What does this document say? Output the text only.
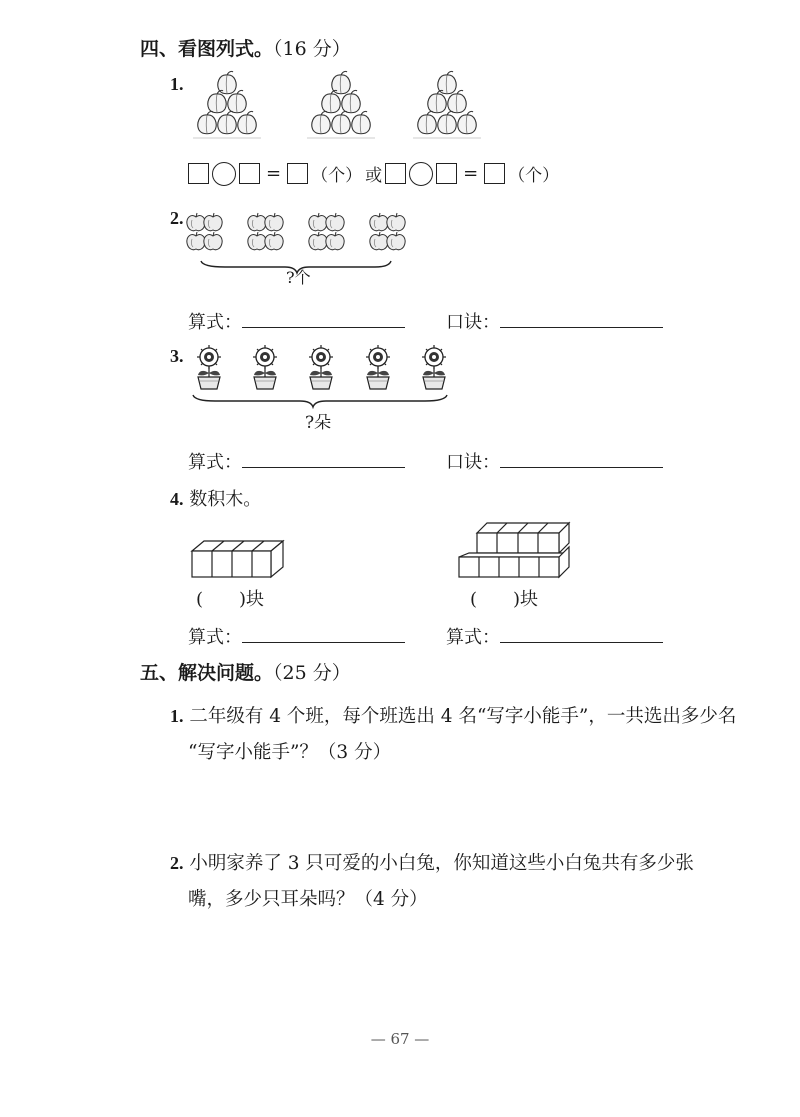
四、看图列式。（16 分）
1.
= （个） 或	= （个）
2.
?个
算式：	口诀：
3.
?朵
算式：	口诀：
4. 数积木。
(　　)块	(　　)块
算式：	算式：
五、解决问题。（25 分）
1. 二年级有 4 个班，每个班选出 4 名“写字小能手”，一共选出多少名
“写字小能手”？（3 分）
2. 小明家养了 3 只可爱的小白兔，你知道这些小白兔共有多少张
嘴，多少只耳朵吗？（4 分）
— 67 —
